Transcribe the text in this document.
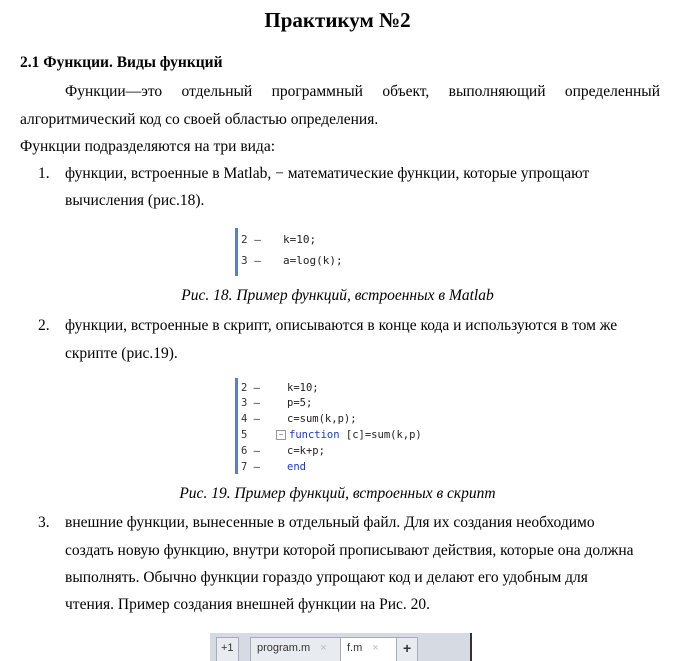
Практикум №2
2.1 Функции. Виды функций
Функции—это отдельный программный объект, выполняющий определенный
алгоритмический код со своей областью определения.
Функции подразделяются на три вида:
1. функции, встроенные в Matlab, − математические функции, которые упрощают
вычисления (рис.18).
2 – k=10;
3 – a=log(k);
Рис. 18. Пример функций, встроенных в Matlab
2. функции, встроенные в скрипт, описываются в конце кода и используются в том же
скрипте (рис.19).
2 –	k=10;
3 –	p=5;
4 –	c=sum(k,p);
5	− function [c]=sum(k,p)
6 –	c=k+p;
7 –	end
Рис. 19. Пример функций, встроенных в скрипт
3. внешние функции, вынесенные в отдельный файл. Для их создания необходимо
создать новую функцию, внутри которой прописывают действия, которые она должна
выполнять. Обычно функции гораздо упрощают код и делают его удобным для
чтения. Пример создания внешней функции на Рис. 20.
+1	program.m ×	f.m ×	+
